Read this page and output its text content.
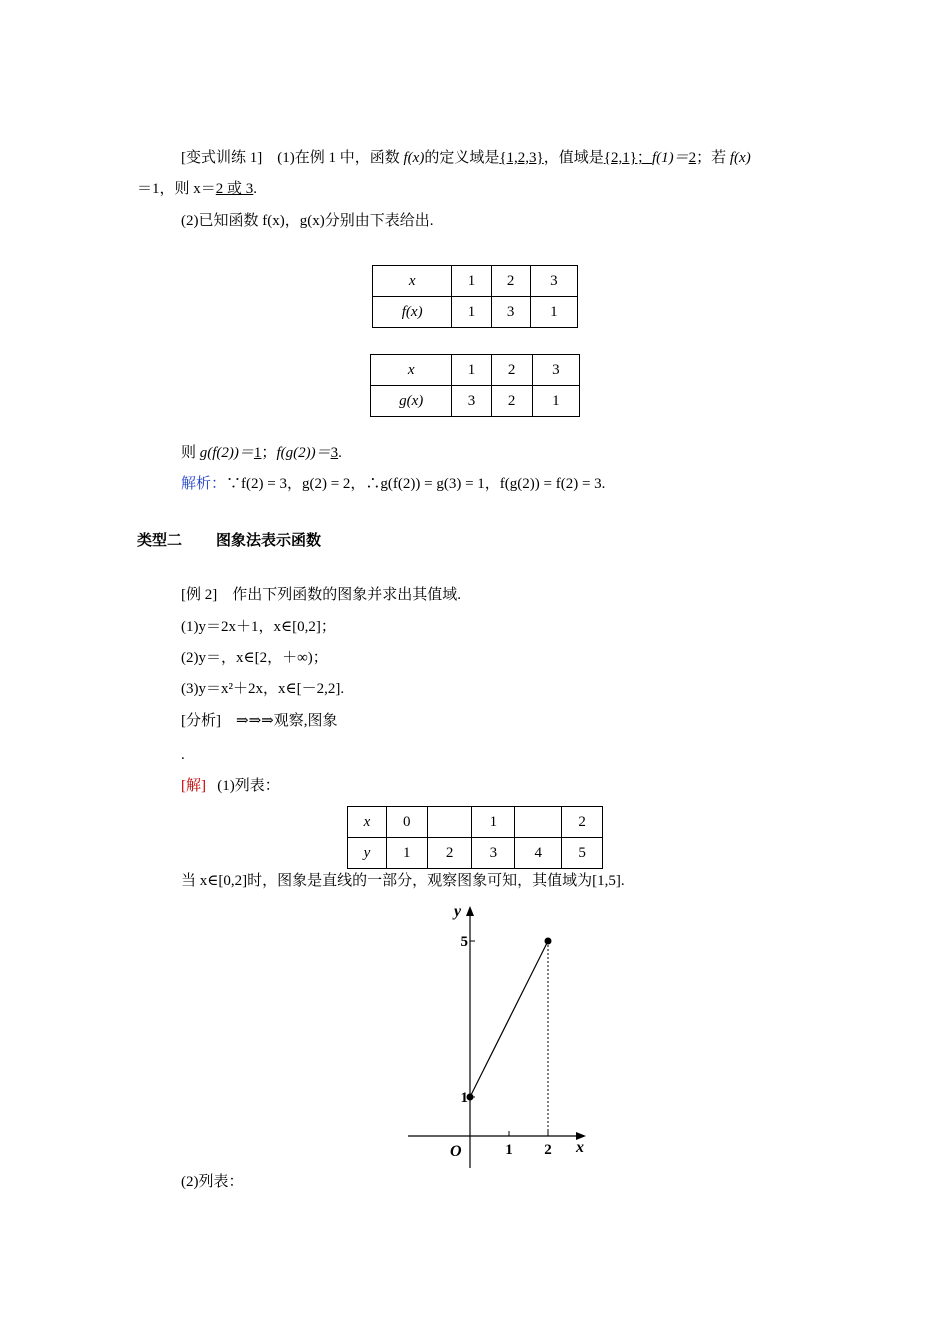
[变式训练 1] (1)在例 1 中，函数 f(x)的定义域是{1,2,3}，值域是{2,1}；f(1)＝2；若 f(x)
＝1，则 x＝2 或 3.
(2)已知函数 f(x)，g(x)分别由下表给出.
x	1	2	3
f(x)	1	3	1
x	1	2	3
g(x)	3	2	1
则 g(f(2))＝1；f(g(2))＝3.
解析：∵f(2) = 3，g(2) = 2，∴g(f(2)) = g(3) = 1，f(g(2)) = f(2) = 3.
类型二 图象法表示函数
[例 2] 作出下列函数的图象并求出其值域.
(1)y＝2x＋1，x∈[0,2]；
(2)y＝，x∈[2，＋∞)；
(3)y＝x²＋2x，x∈[－2,2].
[分析] ⇒⇒⇒观察,图象
.
[解] (1)列表：
x	0		1		2
y	1	2	3	4	5
当 x∈[0,2]时，图象是直线的一部分，观察图象可知，其值域为[1,5].
x
y
O	1 2
1
5
(2)列表：
